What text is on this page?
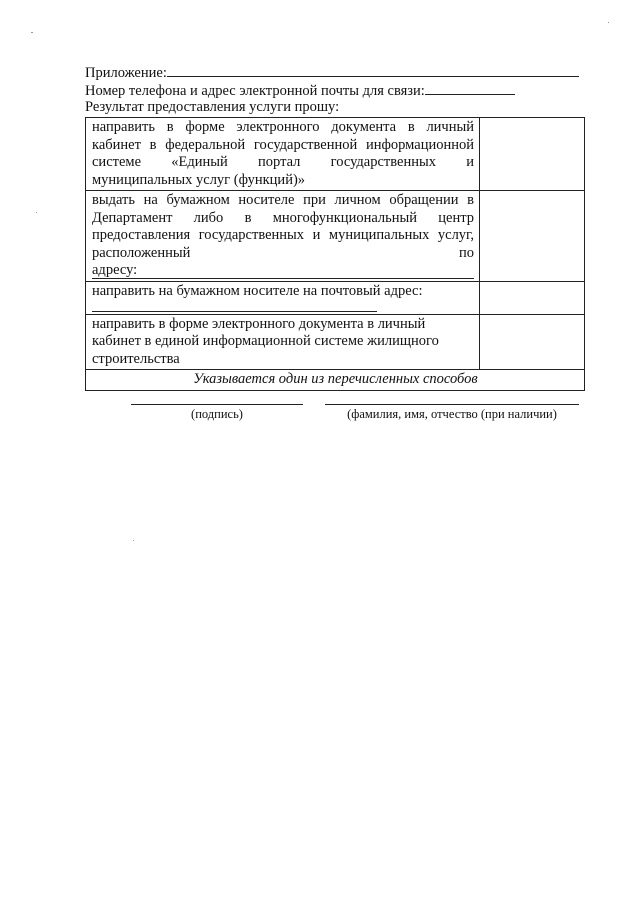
Приложение:
Номер телефона и адрес электронной почты для связи:
Результат предоставления услуги прошу:
направить в форме электронного документа в личный
кабинет в федеральной государственной информационной
системе «Единый портал государственных и
муниципальных услуг (функций)»	

выдать на бумажном носителе при личном обращении в
Департамент либо в многофункциональный центр
предоставления государственных и муниципальных услуг,
расположенный по
адресу:	

направить на бумажном носителе на почтовый адрес:	

направить в форме электронного документа в личный
кабинет в единой информационной системе жилищного
строительства	

Указывается один из перечисленных способов	
(подпись)	(фамилия, имя, отчество (при наличии)
